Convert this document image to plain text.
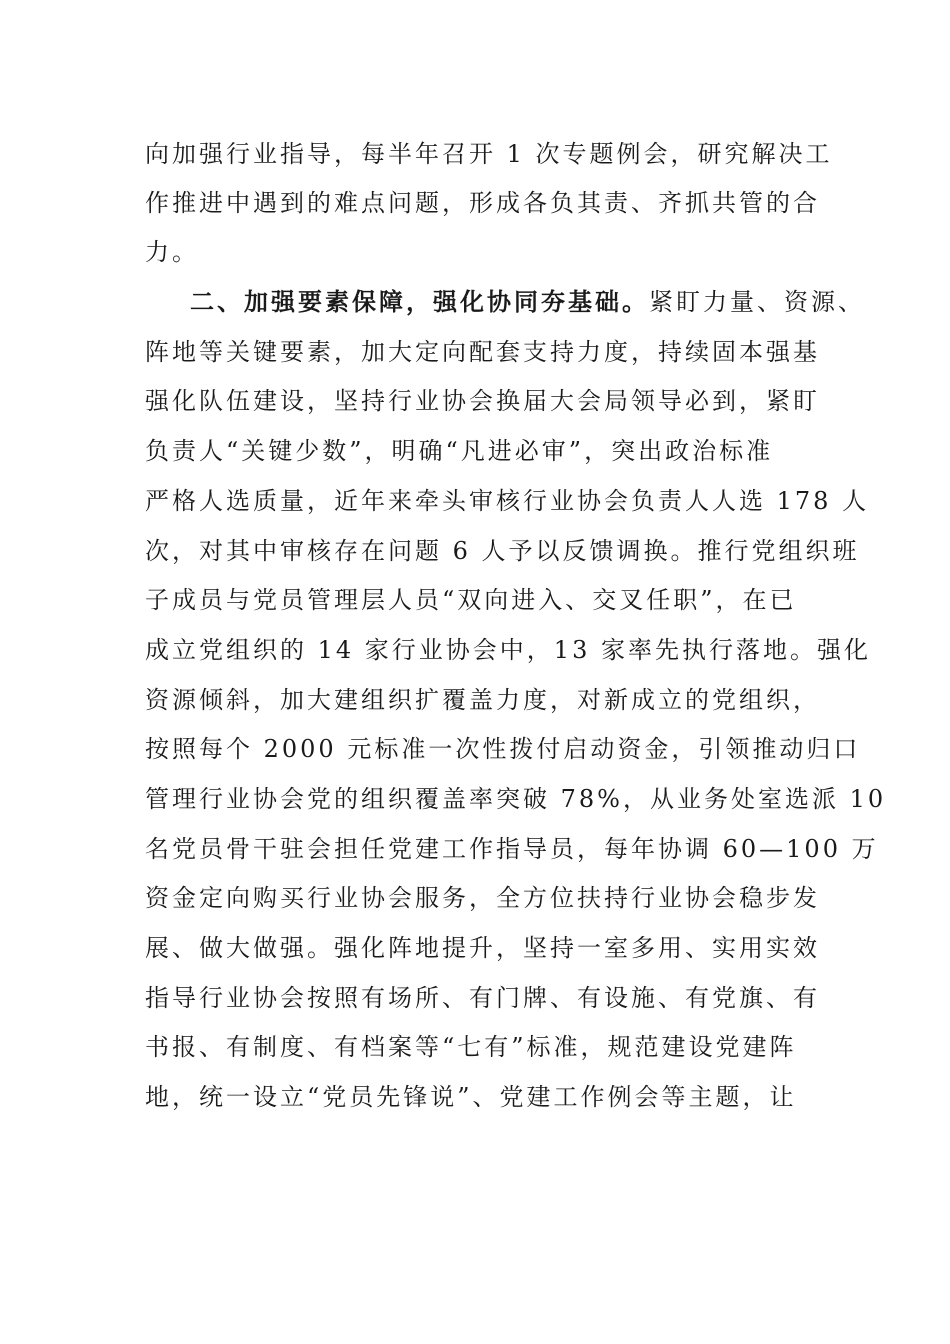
向加强行业指导，每半年召开 1 次专题例会，研究解决工
作推进中遇到的难点问题，形成各负其责、齐抓共管的合
力。
二、加强要素保障，强化协同夯基础。紧盯力量、资源、
阵地等关键要素，加大定向配套支持力度，持续固本强基
强化队伍建设，坚持行业协会换届大会局领导必到，紧盯
负责人“关键少数”，明确“凡进必审”，突出政治标准
严格人选质量，近年来牵头审核行业协会负责人人选 178 人
次，对其中审核存在问题 6 人予以反馈调换。推行党组织班
子成员与党员管理层人员“双向进入、交叉任职”，在已
成立党组织的 14 家行业协会中，13 家率先执行落地。强化
资源倾斜，加大建组织扩覆盖力度，对新成立的党组织，
按照每个 2000 元标准一次性拨付启动资金，引领推动归口
管理行业协会党的组织覆盖率突破 78%，从业务处室选派 10
名党员骨干驻会担任党建工作指导员，每年协调 60—100 万
资金定向购买行业协会服务，全方位扶持行业协会稳步发
展、做大做强。强化阵地提升，坚持一室多用、实用实效
指导行业协会按照有场所、有门牌、有设施、有党旗、有
书报、有制度、有档案等“七有”标准，规范建设党建阵
地，统一设立“党员先锋说”、党建工作例会等主题，让
